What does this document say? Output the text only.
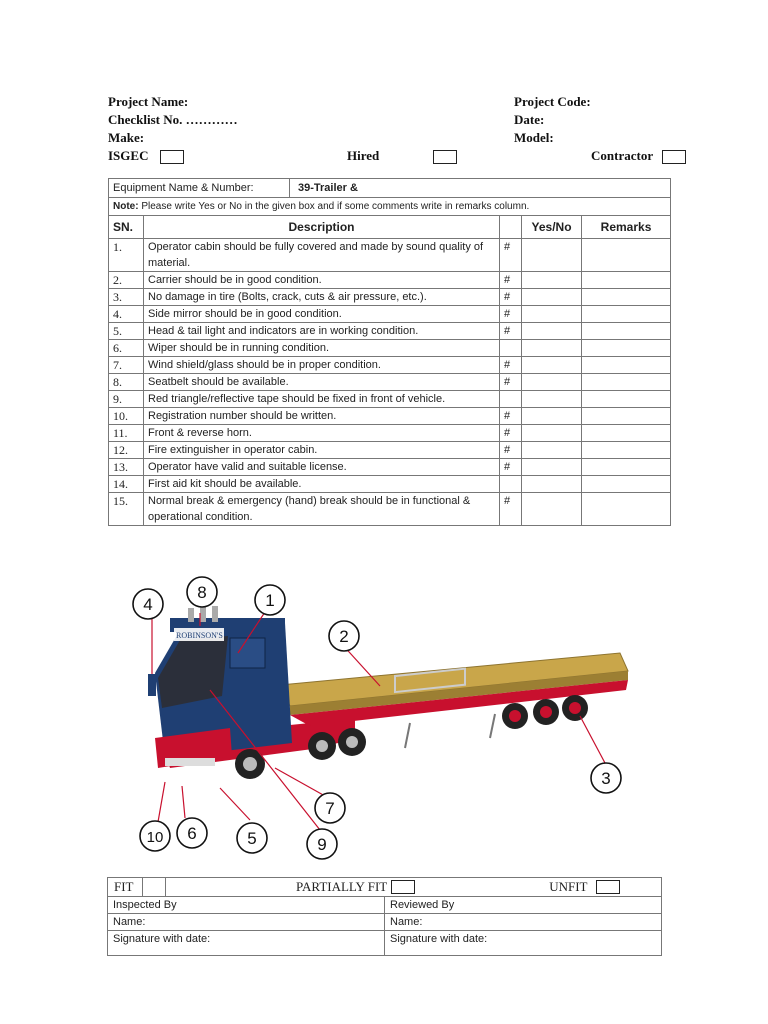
Project Name:
Checklist No. …………
Make:
Project Code:
Date:
Model:
ISGEC	Hired	Contractor
Equipment Name & Number: 39-Trailer &				

Note: Please write Yes or No in the given box and if some comments write in remarks column.				
SN.	Description		Yes/No	Remarks
1.	Operator cabin should be fully covered and made by sound quality of material.	#		
2.	Carrier should be in good condition.	#		
3.	No damage in tire (Bolts, crack, cuts & air pressure, etc.).	#		
4.	Side mirror should be in good condition.	#		
5.	Head & tail light and indicators are in working condition.	#		
6.	Wiper should be in running condition.			
7.	Wind shield/glass should be in proper condition.	#		
8.	Seatbelt should be available.	#		
9.	Red triangle/reflective tape should be fixed in front of vehicle.			
10.	Registration number should be written.	#		
11.	Front & reverse horn.	#		
12.	Fire extinguisher in operator cabin.	#		
13.	Operator have valid and suitable license.	#		
14.	First aid kit should be available.			
15.	Normal break & emergency (hand) break should be in functional & operational condition.	#		
ROBINSON'S
1
2
3
4
5
6
7
8
9
10
FIT PARTIALLY FIT UNFIT	

Inspected By	Reviewed By
Name:	Name:
Signature with date:	Signature with date:
